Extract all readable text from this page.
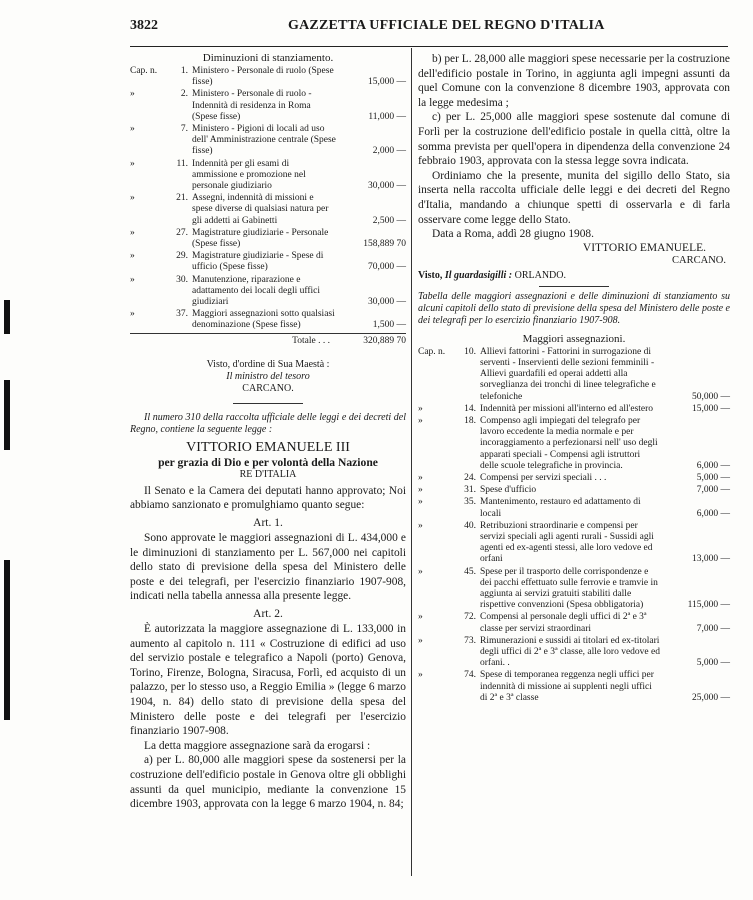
3822	GAZZETTA UFFICIALE DEL REGNO D'ITALIA
Diminuzioni di stanziamento.
Cap. n.	1.	Ministero - Personale di ruolo (Spese fisse)	15,000 —
»	2.	Ministero - Personale di ruolo - Indennità di residenza in Roma (Spese fisse)	11,000 —
»	7.	Ministero - Pigioni di locali ad uso dell' Amministrazione centrale (Spese fisse)	2,000 —
»	11.	Indennità per gli esami di ammissione e promozione nel personale giudiziario	30,000 —
»	21.	Assegni, indennità di missioni e spese diverse di qualsiasi natura per gli addetti ai Gabinetti	2,500 —
»	27.	Magistrature giudiziarie - Personale (Spese fisse)	158,889 70
»	29.	Magistrature giudiziarie - Spese di ufficio (Spese fisse)	70,000 —
»	30.	Manutenzione, riparazione e adattamento dei locali degli uffici giudiziari	30,000 —
»	37.	Maggiori assegnazioni sotto qualsiasi denominazione (Spese fisse)	1,500 —
		Totale . . .	320,889 70
Visto, d'ordine di Sua Maestà :
Il ministro del tesoro
CARCANO.

Il numero 310 della raccolta ufficiale delle leggi e dei decreti del Regno, contiene la seguente legge :

VITTORIO EMANUELE III
per grazia di Dio e per volontà della Nazione
RE D'ITALIA

Il Senato e la Camera dei deputati hanno approvato; Noi abbiamo sanzionato e promulghiamo quanto segue:

Art. 1.

Sono approvate le maggiori assegnazioni di L. 434,000 e le diminuzioni di stanziamento per L. 567,000 nei capitoli dello stato di previsione della spesa del Ministero delle poste e dei telegrafi, per l'esercizio finanziario 1907-908, indicati nella tabella annessa alla presente legge.

Art. 2.

È autorizzata la maggiore assegnazione di L. 133,000 in aumento al capitolo n. 111 « Costruzione di edifici ad uso del servizio postale e telegrafico a Napoli (porto) Genova, Torino, Firenze, Bologna, Siracusa, Forlì, ed acquisto di un palazzo, per lo stesso uso, a Reggio Emilia » (legge 6 marzo 1904, n. 84) dello stato di previsione della spesa del Ministero delle poste e dei telegrafi per l'esercizio finanziario 1907-908.

La detta maggiore assegnazione sarà da erogarsi :

a) per L. 80,000 alle maggiori spese da sostenersi per la costruzione dell'edificio postale in Genova oltre gli obblighi assunti da quel municipio, mediante la convenzione 15 dicembre 1903, approvata con la legge 6 marzo 1904, n. 84;

b) per L. 28,000 alle maggiori spese necessarie per la costruzione dell'edificio postale in Torino, in aggiunta agli impegni assunti da quel Comune con la convenzione 8 dicembre 1903, approvata con la legge medesima ;

c) per L. 25,000 alle maggiori spese sostenute dal comune di Forlì per la costruzione dell'edificio postale in quella città, oltre la somma prevista per quell'opera in dipendenza della convenzione 24 febbraio 1903, approvata con la stessa legge sovra indicata.

Ordiniamo che la presente, munita del sigillo dello Stato, sia inserta nella raccolta ufficiale delle leggi e dei decreti del Regno d'Italia, mandando a chiunque spetti di osservarla e di farla osservare come legge dello Stato.

Data a Roma, addì 28 giugno 1908.

VITTORIO EMANUELE.
CARCANO.
Visto, Il guardasigilli : ORLANDO.
Tabella delle maggiori assegnazioni e delle diminuzioni di stanziamento su alcuni capitoli dello stato di previsione della spesa del Ministero delle poste e dei telegrafi per lo esercizio finanziario 1907-908.
Maggiori assegnazioni.
Cap. n.	10.	Allievi fattorini - Fattorini in surrogazione di serventi - Inservienti delle sezioni femminili - Allievi guardafili ed operai addetti alla sorveglianza dei tronchi di linee telegrafiche e telefoniche	50,000 —
»	14.	Indennità per missioni all'interno ed all'estero	15,000 —
»	18.	Compenso agli impiegati del telegrafo per lavoro eccedente la media normale e per incoraggiamento a perfezionarsi nell' uso degli apparati speciali - Compensi agli istruttori delle scuole telegrafiche in provincia.	6,000 —
»	24.	Compensi per servizi speciali . . .	5,000 —
»	31.	Spese d'ufficio	7,000 —
»	35.	Mantenimento, restauro ed adattamento di locali	6,000 —
»	40.	Retribuzioni straordinarie e compensi per servizi speciali agli agenti rurali - Sussidi agli agenti ed ex-agenti stessi, alle loro vedove ed orfani	13,000 —
»	45.	Spese per il trasporto delle corrispondenze e dei pacchi effettuato sulle ferrovie e tramvie in aggiunta ai servizi gratuiti stabiliti dalle rispettive convenzioni (Spesa obbligatoria)	115,000 —
»	72.	Compensi al personale degli uffici di 2ª e 3ª classe per servizi straordinari	7,000 —
»	73.	Rimunerazioni e sussidi ai titolari ed ex-titolari degli uffici di 2ª e 3ª classe, alle loro vedove ed orfani. .	5,000 —
»	74.	Spese di temporanea reggenza negli uffici per indennità di missione ai supplenti negli uffici di 2ª e 3ª classe	25,000 —
